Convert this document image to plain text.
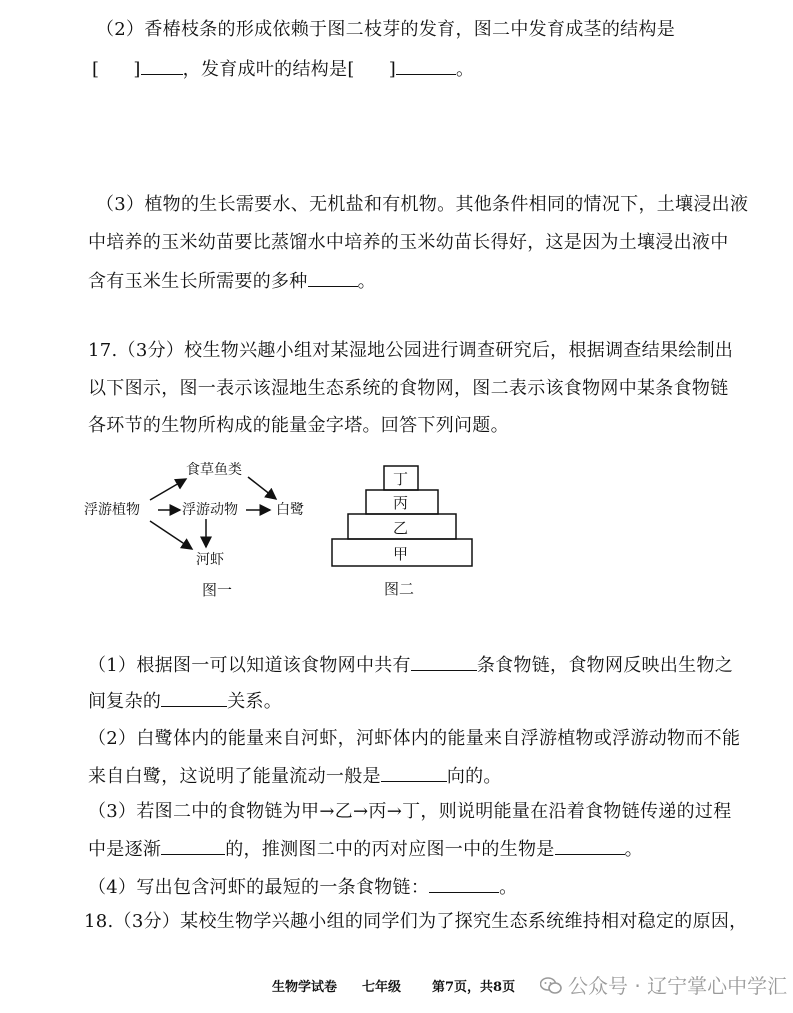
（2）香椿枝条的形成依赖于图二枝芽的发育，图二中发育成茎的结构是
[ ] ，发育成叶的结构是[ ]	。
（3）植物的生长需要水、无机盐和有机物。其他条件相同的情况下，土壤浸出液
中培养的玉米幼苗要比蒸馏水中培养的玉米幼苗长得好，这是因为土壤浸出液中
含有玉米生长所需要的多种	。
17.（3分）校生物兴趣小组对某湿地公园进行调查研究后，根据调查结果绘制出
以下图示，图一表示该湿地生态系统的食物网，图二表示该食物网中某条食物链
各环节的生物所构成的能量金字塔。回答下列问题。
食草鱼类
浮游植物	浮游动物	白鹭
河虾
图一
丁
丙
乙
甲
图二
（1）根据图一可以知道该食物网中共有	条食物链，食物网反映出生物之
间复杂的	关系。
（2）白鹭体内的能量来自河虾，河虾体内的能量来自浮游植物或浮游动物而不能
来自白鹭，这说明了能量流动一般是	向的。
（3）若图二中的食物链为甲→乙→丙→丁，则说明能量在沿着食物链传递的过程
中是逐渐	的，推测图二中的丙对应图一中的生物是	。
（4）写出包含河虾的最短的一条食物链：	。
18.（3分）某校生物学兴趣小组的同学们为了探究生态系统维持相对稳定的原因，
生物学试卷 七年级 第7页，共8页	公众号 · 辽宁掌心中学汇
